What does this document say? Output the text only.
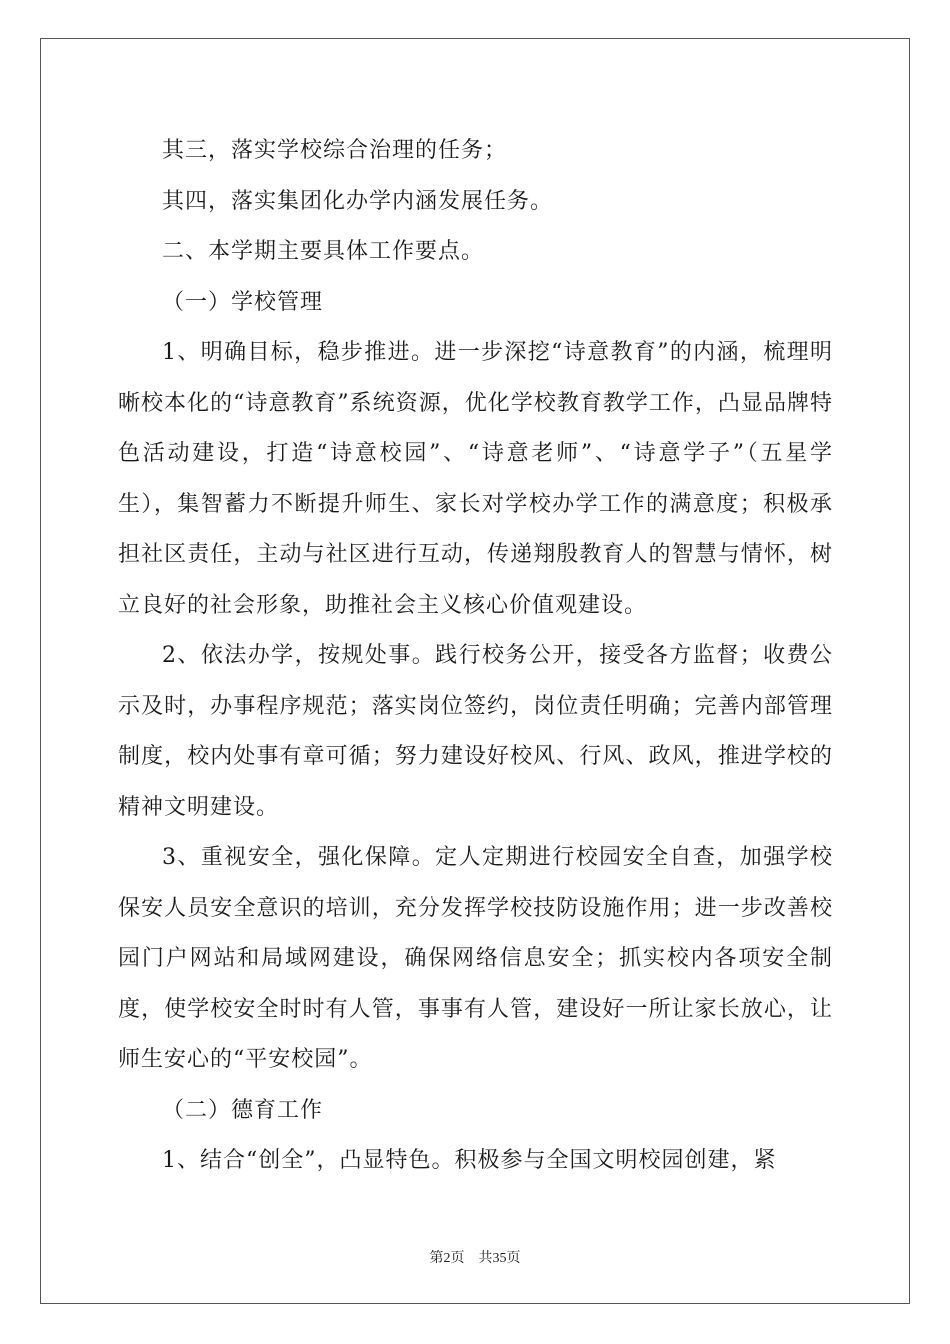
其三，落实学校综合治理的任务；

其四，落实集团化办学内涵发展任务。

二、本学期主要具体工作要点。

（一）学校管理

1、明确目标，稳步推进。进一步深挖“诗意教育”的内涵，梳理明晰校本化的“诗意教育”系统资源，优化学校教育教学工作，凸显品牌特色活动建设，打造“诗意校园”、“诗意老师”、“诗意学子”（五星学生），集智蓄力不断提升师生、家长对学校办学工作的满意度；积极承担社区责任，主动与社区进行互动，传递翔殷教育人的智慧与情怀，树立良好的社会形象，助推社会主义核心价值观建设。

2、依法办学，按规处事。践行校务公开，接受各方监督；收费公示及时，办事程序规范；落实岗位签约，岗位责任明确；完善内部管理制度，校内处事有章可循；努力建设好校风、行风、政风，推进学校的精神文明建设。

3、重视安全，强化保障。定人定期进行校园安全自查，加强学校保安人员安全意识的培训，充分发挥学校技防设施作用；进一步改善校园门户网站和局域网建设，确保网络信息安全；抓实校内各项安全制度，使学校安全时时有人管，事事有人管，建设好一所让家长放心，让师生安心的“平安校园”。

（二）德育工作

1、结合“创全”，凸显特色。积极参与全国文明校园创建，紧

第2页 共35页
